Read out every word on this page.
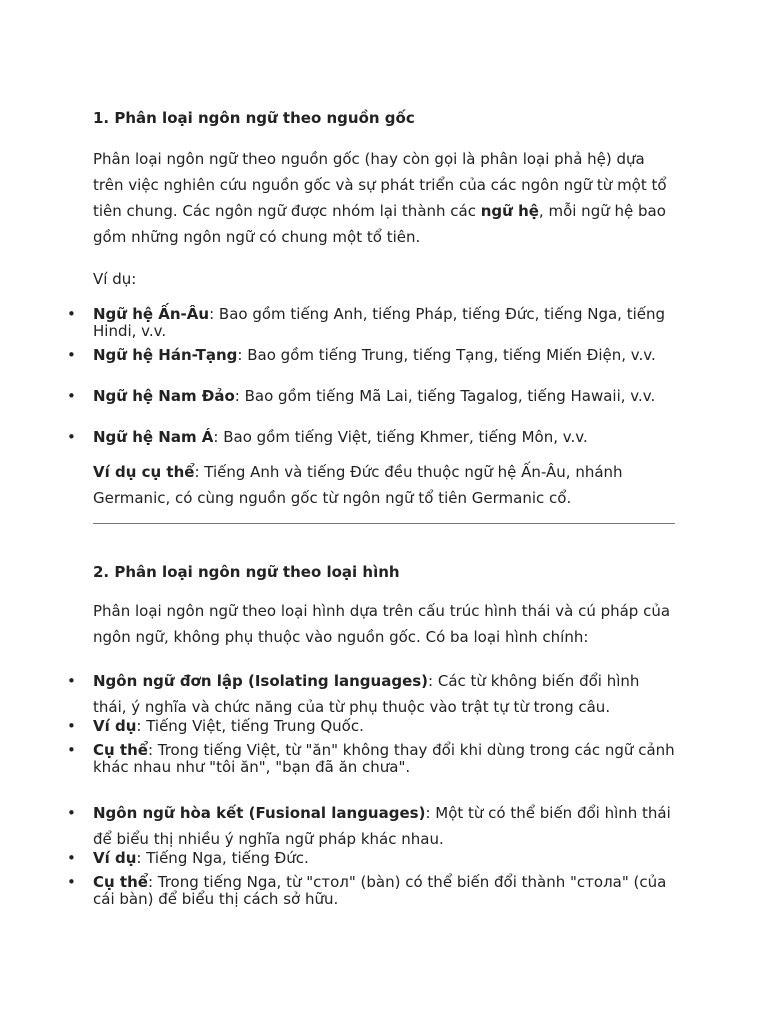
1. Phân loại ngôn ngữ theo nguồn gốc

Phân loại ngôn ngữ theo nguồn gốc (hay còn gọi là phân loại phả hệ) dựa trên việc nghiên cứu nguồn gốc và sự phát triển của các ngôn ngữ từ một tổ tiên chung. Các ngôn ngữ được nhóm lại thành các ngữ hệ, mỗi ngữ hệ bao gồm những ngôn ngữ có chung một tổ tiên.

Ví dụ:

• Ngữ hệ Ấn-Âu: Bao gồm tiếng Anh, tiếng Pháp, tiếng Đức, tiếng Nga, tiếng Hindi, v.v.
• Ngữ hệ Hán-Tạng: Bao gồm tiếng Trung, tiếng Tạng, tiếng Miến Điện, v.v.
• Ngữ hệ Nam Đảo: Bao gồm tiếng Mã Lai, tiếng Tagalog, tiếng Hawaii, v.v.
• Ngữ hệ Nam Á: Bao gồm tiếng Việt, tiếng Khmer, tiếng Môn, v.v.

Ví dụ cụ thể: Tiếng Anh và tiếng Đức đều thuộc ngữ hệ Ấn-Âu, nhánh Germanic, có cùng nguồn gốc từ ngôn ngữ tổ tiên Germanic cổ.

2. Phân loại ngôn ngữ theo loại hình

Phân loại ngôn ngữ theo loại hình dựa trên cấu trúc hình thái và cú pháp của ngôn ngữ, không phụ thuộc vào nguồn gốc. Có ba loại hình chính:

• Ngôn ngữ đơn lập (Isolating languages): Các từ không biến đổi hình thái, ý nghĩa và chức năng của từ phụ thuộc vào trật tự từ trong câu.
• Ví dụ: Tiếng Việt, tiếng Trung Quốc.
• Cụ thể: Trong tiếng Việt, từ "ăn" không thay đổi khi dùng trong các ngữ cảnh khác nhau như "tôi ăn", "bạn đã ăn chưa".
• Ngôn ngữ hòa kết (Fusional languages): Một từ có thể biến đổi hình thái để biểu thị nhiều ý nghĩa ngữ pháp khác nhau.
• Ví dụ: Tiếng Nga, tiếng Đức.
• Cụ thể: Trong tiếng Nga, từ "стол" (bàn) có thể biến đổi thành "стола" (của cái bàn) để biểu thị cách sở hữu.
